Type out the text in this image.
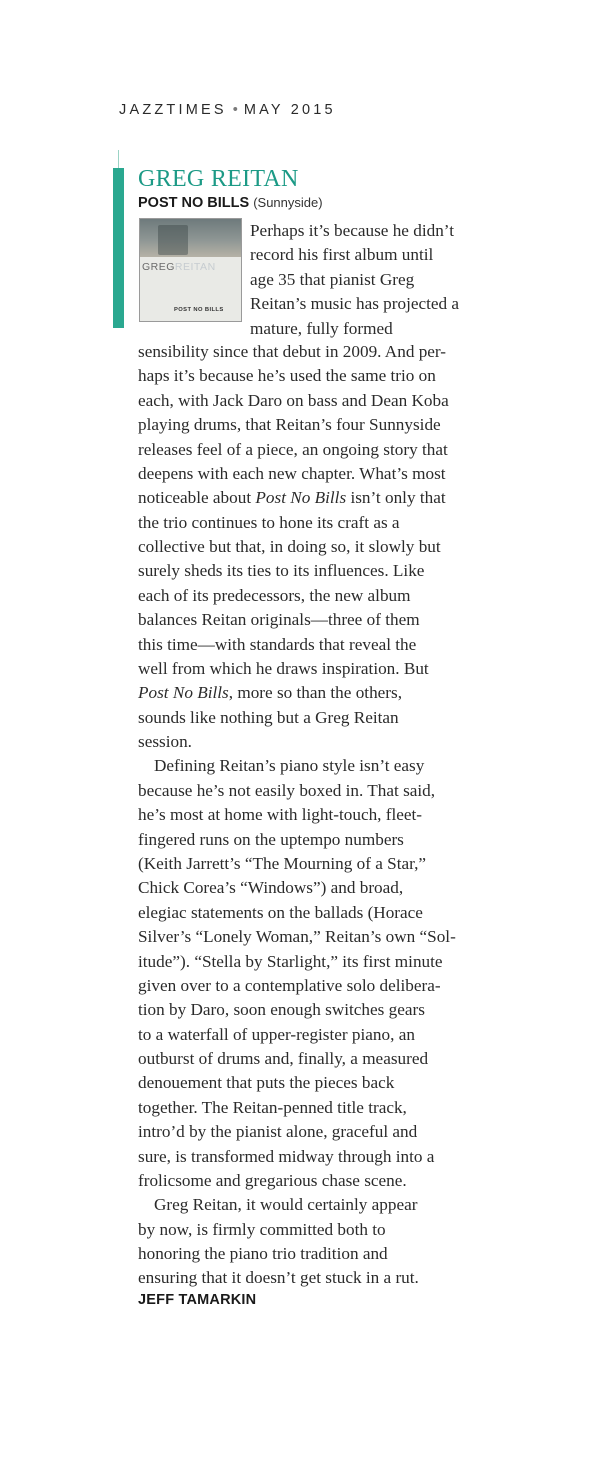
JAZZTIMES • MAY 2015
GREG REITAN
POST NO BILLS (Sunnyside)
GREGREITAN
POST NO BILLS
Perhaps it’s because he didn’t
record his first album until
age 35 that pianist Greg
Reitan’s music has projected a
mature, fully formed
sensibility since that debut in 2009. And per-
haps it’s because he’s used the same trio on
each, with Jack Daro on bass and Dean Koba
playing drums, that Reitan’s four Sunnyside
releases feel of a piece, an ongoing story that
deepens with each new chapter. What’s most
noticeable about Post No Bills isn’t only that
the trio continues to hone its craft as a
collective but that, in doing so, it slowly but
surely sheds its ties to its influences. Like
each of its predecessors, the new album
balances Reitan originals—three of them
this time—with standards that reveal the
well from which he draws inspiration. But
Post No Bills, more so than the others,
sounds like nothing but a Greg Reitan
session.
Defining Reitan’s piano style isn’t easy
because he’s not easily boxed in. That said,
he’s most at home with light-touch, fleet-
fingered runs on the uptempo numbers
(Keith Jarrett’s “The Mourning of a Star,”
Chick Corea’s “Windows”) and broad,
elegiac statements on the ballads (Horace
Silver’s “Lonely Woman,” Reitan’s own “Sol-
itude”). “Stella by Starlight,” its first minute
given over to a contemplative solo delibera-
tion by Daro, soon enough switches gears
to a waterfall of upper-register piano, an
outburst of drums and, finally, a measured
denouement that puts the pieces back
together. The Reitan-penned title track,
intro’d by the pianist alone, graceful and
sure, is transformed midway through into a
frolicsome and gregarious chase scene.
Greg Reitan, it would certainly appear
by now, is firmly committed both to
honoring the piano trio tradition and
ensuring that it doesn’t get stuck in a rut.
JEFF TAMARKIN
